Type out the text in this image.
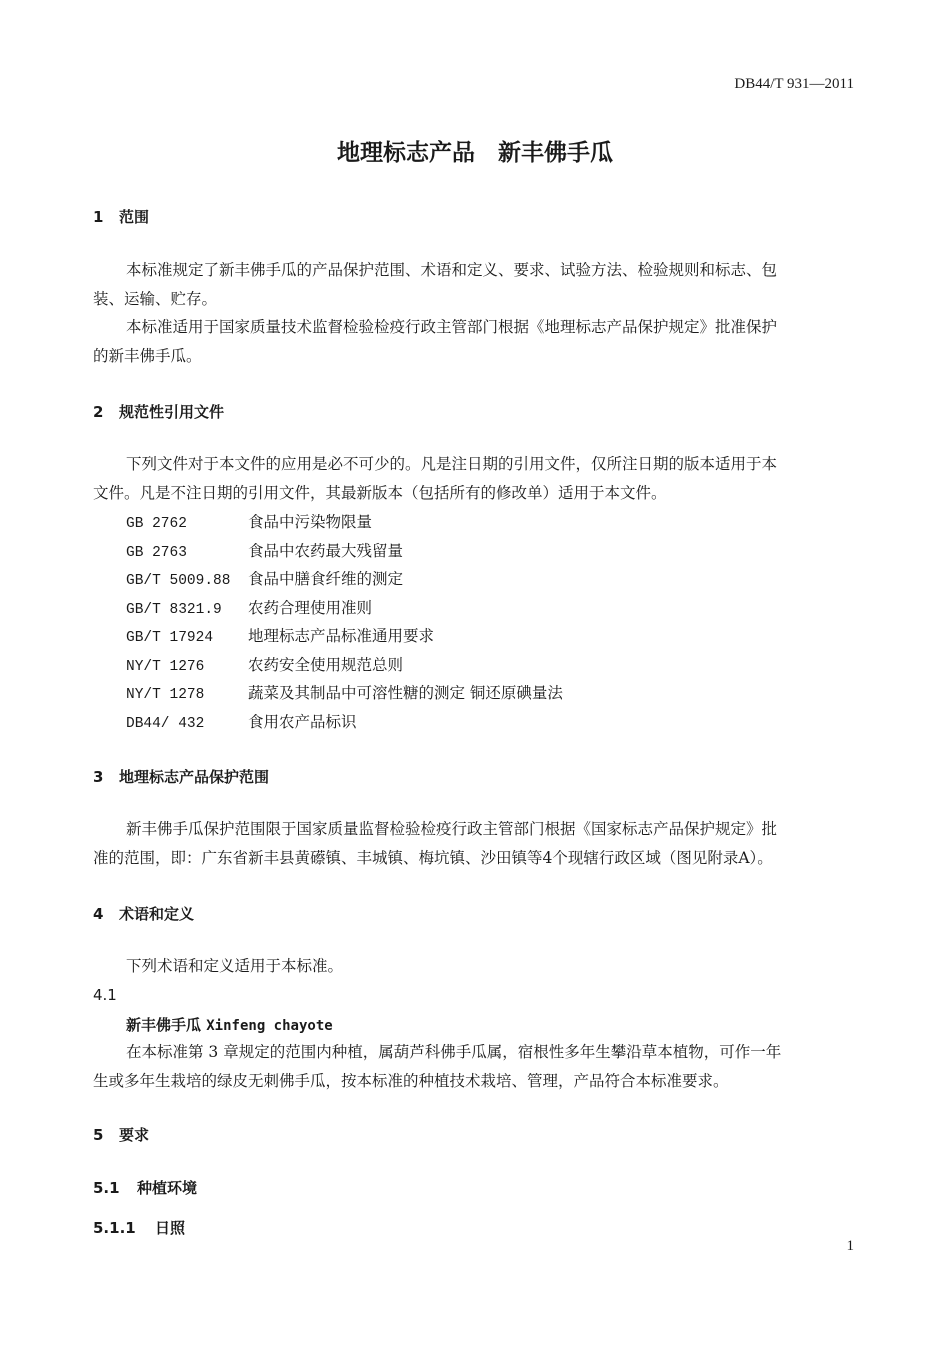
DB44/T 931—2011
地理标志产品　新丰佛手瓜
1 范围
本标准规定了新丰佛手瓜的产品保护范围、术语和定义、要求、试验方法、检验规则和标志、包
装、运输、贮存。
本标准适用于国家质量技术监督检验检疫行政主管部门根据《地理标志产品保护规定》批准保护
的新丰佛手瓜。
2 规范性引用文件
下列文件对于本文件的应用是必不可少的。凡是注日期的引用文件，仅所注日期的版本适用于本
文件。凡是不注日期的引用文件，其最新版本（包括所有的修改单）适用于本文件。
GB 2762	食品中污染物限量
GB 2763	食品中农药最大残留量
GB/T 5009.88 食品中膳食纤维的测定
GB/T 8321.9 农药合理使用准则
GB/T 17924 地理标志产品标准通用要求
NY/T 1276	农药安全使用规范总则
NY/T 1278	蔬菜及其制品中可溶性糖的测定 铜还原碘量法
DB44/ 432	食用农产品标识
3 地理标志产品保护范围
新丰佛手瓜保护范围限于国家质量监督检验检疫行政主管部门根据《国家标志产品保护规定》批
准的范围，即：广东省新丰县黄礤镇、丰城镇、梅坑镇、沙田镇等4个现辖行政区域（图见附录A）。
4 术语和定义
下列术语和定义适用于本标准。
4.1
新丰佛手瓜 Xinfeng chayote
在本标准第 3 章规定的范围内种植，属葫芦科佛手瓜属，宿根性多年生攀沿草本植物，可作一年
生或多年生栽培的绿皮无刺佛手瓜，按本标准的种植技术栽培、管理，产品符合本标准要求。
5 要求
5.1 种植环境
5.1.1 日照
1
